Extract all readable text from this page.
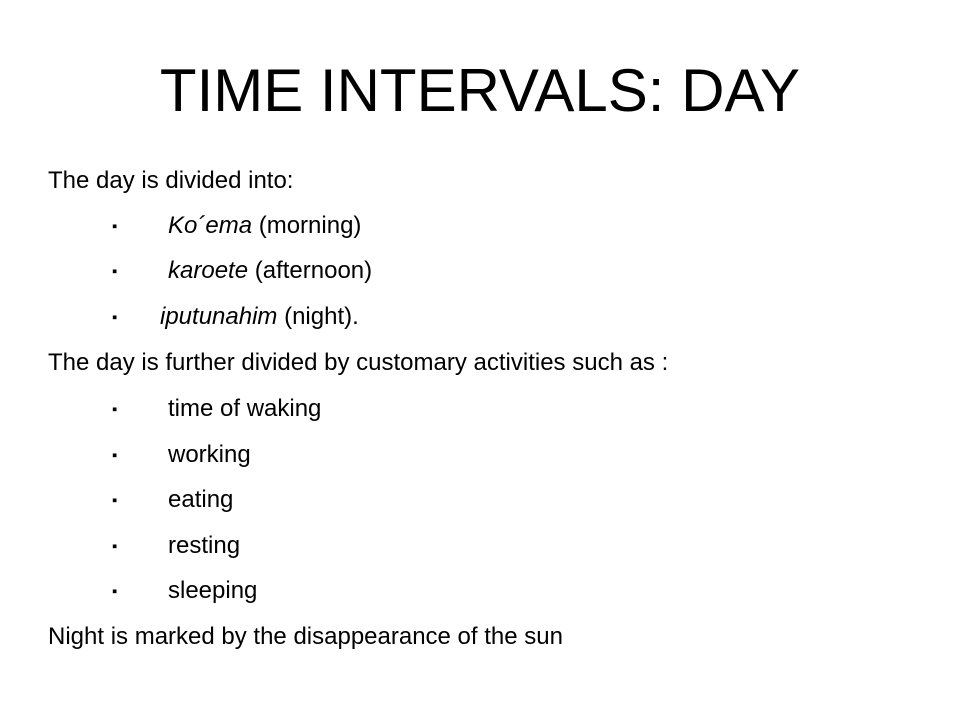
TIME INTERVALS: DAY
The day is divided into:
▪ Ko´ema (morning)
▪ karoete (afternoon)
▪ iputunahim (night).
The day is further divided by customary activities such as :
▪ time of waking
▪ working
▪ eating
▪ resting
▪ sleeping
Night is marked by the disappearance of the sun
